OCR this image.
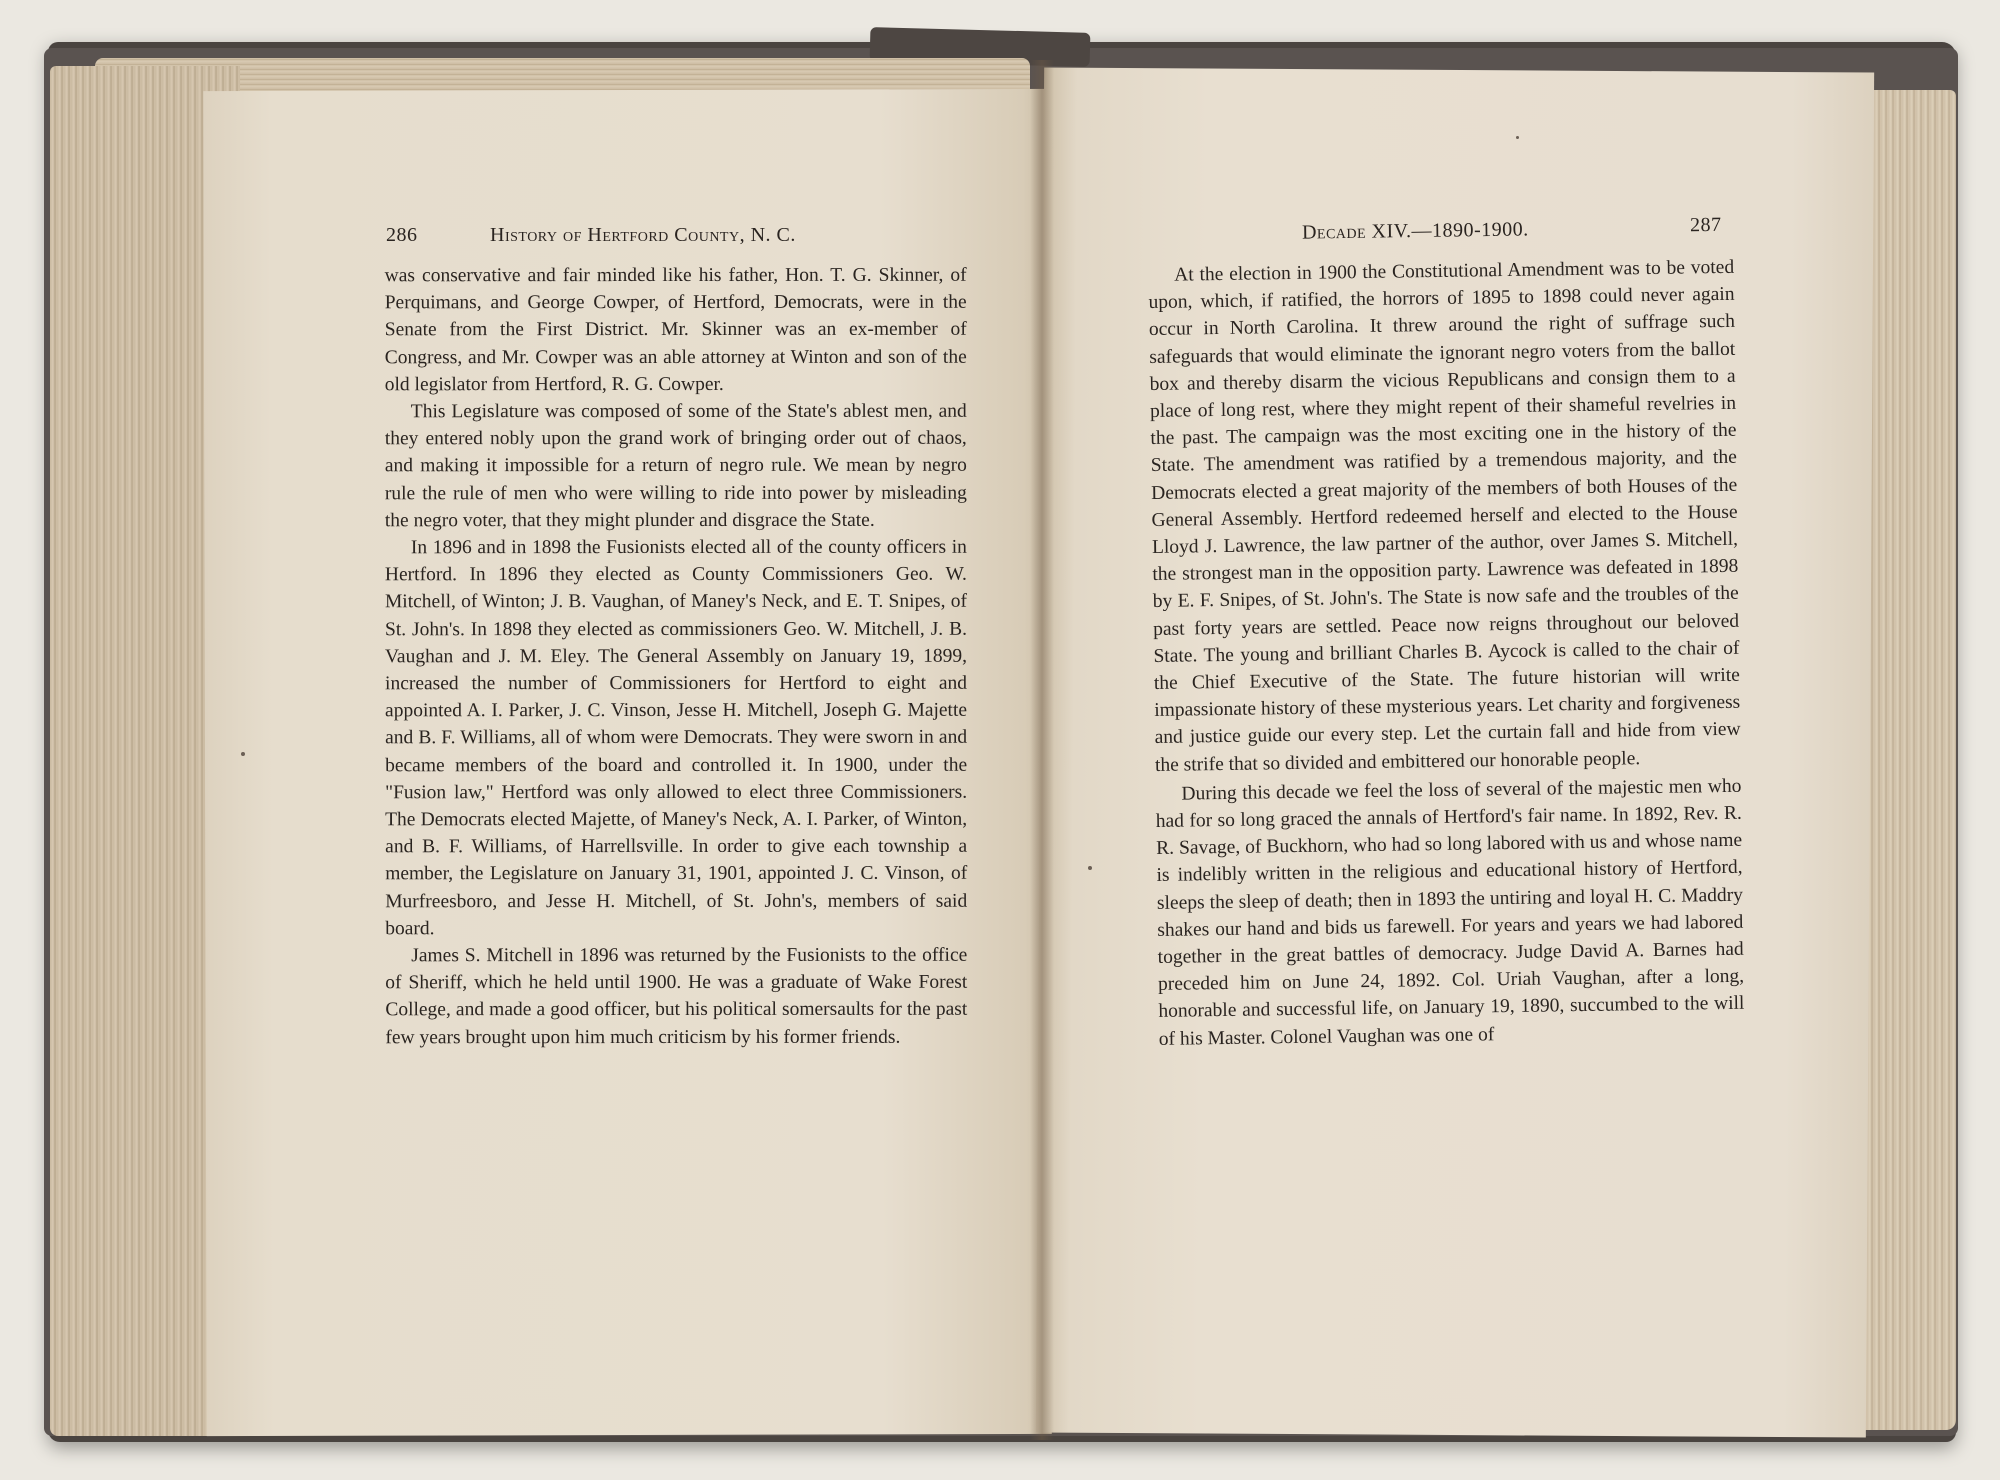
286	History of Hertford County, N. C.	Decade XIV.—1890-1900.	287

was conservative and fair minded like his father, Hon. T. G. Skinner, of Perquimans, and George Cowper, of Hertford, Democrats, were in the Senate from the First District. Mr. Skinner was an ex-member of Congress, and Mr. Cowper was an able attorney at Winton and son of the old legislator from Hertford, R. G. Cowper.

This Legislature was composed of some of the State's ablest men, and they entered nobly upon the grand work of bringing order out of chaos, and making it impossible for a return of negro rule. We mean by negro rule the rule of men who were willing to ride into power by misleading the negro voter, that they might plunder and disgrace the State.

In 1896 and in 1898 the Fusionists elected all of the county officers in Hertford. In 1896 they elected as County Commissioners Geo. W. Mitchell, of Winton; J. B. Vaughan, of Maney's Neck, and E. T. Snipes, of St. John's. In 1898 they elected as commissioners Geo. W. Mitchell, J. B. Vaughan and J. M. Eley. The General Assembly on January 19, 1899, increased the number of Commissioners for Hertford to eight and appointed A. I. Parker, J. C. Vinson, Jesse H. Mitchell, Joseph G. Majette and B. F. Williams, all of whom were Democrats. They were sworn in and became members of the board and controlled it. In 1900, under the "Fusion law," Hertford was only allowed to elect three Commissioners. The Democrats elected Majette, of Maney's Neck, A. I. Parker, of Winton, and B. F. Williams, of Harrellsville. In order to give each township a member, the Legislature on January 31, 1901, appointed J. C. Vinson, of Murfreesboro, and Jesse H. Mitchell, of St. John's, members of said board.

James S. Mitchell in 1896 was returned by the Fusionists to the office of Sheriff, which he held until 1900. He was a graduate of Wake Forest College, and made a good officer, but his political somersaults for the past few years brought upon him much criticism by his former friends.

At the election in 1900 the Constitutional Amendment was to be voted upon, which, if ratified, the horrors of 1895 to 1898 could never again occur in North Carolina. It threw around the right of suffrage such safeguards that would eliminate the ignorant negro voters from the ballot box and thereby disarm the vicious Republicans and consign them to a place of long rest, where they might repent of their shameful revelries in the past. The campaign was the most exciting one in the history of the State. The amendment was ratified by a tremendous majority, and the Democrats elected a great majority of the members of both Houses of the General Assembly. Hertford redeemed herself and elected to the House Lloyd J. Lawrence, the law partner of the author, over James S. Mitchell, the strongest man in the opposition party. Lawrence was defeated in 1898 by E. F. Snipes, of St. John's. The State is now safe and the troubles of the past forty years are settled. Peace now reigns throughout our beloved State. The young and brilliant Charles B. Aycock is called to the chair of the Chief Executive of the State. The future historian will write impassionate history of these mysterious years. Let charity and forgiveness and justice guide our every step. Let the curtain fall and hide from view the strife that so divided and embittered our honorable people.

During this decade we feel the loss of several of the majestic men who had for so long graced the annals of Hertford's fair name. In 1892, Rev. R. R. Savage, of Buckhorn, who had so long labored with us and whose name is indelibly written in the religious and educational history of Hertford, sleeps the sleep of death; then in 1893 the untiring and loyal H. C. Maddry shakes our hand and bids us farewell. For years and years we had labored together in the great battles of democracy. Judge David A. Barnes had preceded him on June 24, 1892. Col. Uriah Vaughan, after a long, honorable and successful life, on January 19, 1890, succumbed to the will of his Master. Colonel Vaughan was one of
